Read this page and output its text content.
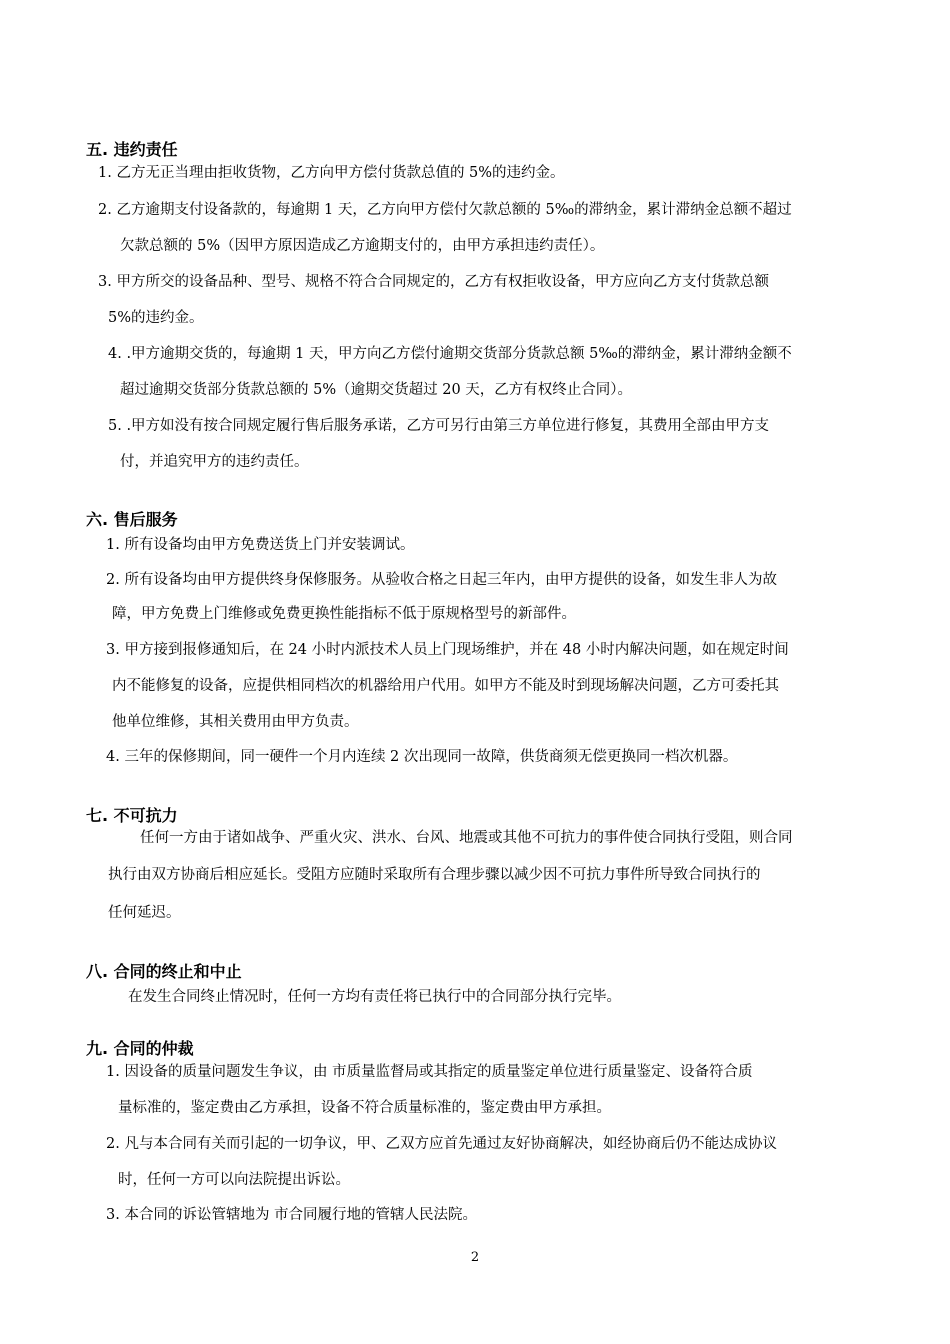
五. 违约责任
1. 乙方无正当理由拒收货物，乙方向甲方偿付货款总值的 5%的违约金。
2. 乙方逾期支付设备款的，每逾期 1 天，乙方向甲方偿付欠款总额的 5‰的滞纳金，累计滞纳金总额不超过
欠款总额的 5%（因甲方原因造成乙方逾期支付的，由甲方承担违约责任）。
3. 甲方所交的设备品种、型号、规格不符合合同规定的，乙方有权拒收设备，甲方应向乙方支付货款总额
5%的违约金。
4. .甲方逾期交货的，每逾期 1 天，甲方向乙方偿付逾期交货部分货款总额 5‰的滞纳金，累计滞纳金额不
超过逾期交货部分货款总额的 5%（逾期交货超过 20 天，乙方有权终止合同）。
5. .甲方如没有按合同规定履行售后服务承诺，乙方可另行由第三方单位进行修复，其费用全部由甲方支
付，并追究甲方的违约责任。
六. 售后服务
1. 所有设备均由甲方免费送货上门并安装调试。
2. 所有设备均由甲方提供终身保修服务。从验收合格之日起三年内，由甲方提供的设备，如发生非人为故
障，甲方免费上门维修或免费更换性能指标不低于原规格型号的新部件。
3. 甲方接到报修通知后，在 24 小时内派技术人员上门现场维护，并在 48 小时内解决问题，如在规定时间
内不能修复的设备，应提供相同档次的机器给用户代用。如甲方不能及时到现场解决问题，乙方可委托其
他单位维修，其相关费用由甲方负责。
4. 三年的保修期间，同一硬件一个月内连续 2 次出现同一故障，供货商须无偿更换同一档次机器。
七. 不可抗力
任何一方由于诸如战争、严重火灾、洪水、台风、地震或其他不可抗力的事件使合同执行受阻，则合同
执行由双方协商后相应延长。受阻方应随时采取所有合理步骤以减少因不可抗力事件所导致合同执行的
任何延迟。
八. 合同的终止和中止
在发生合同终止情况时，任何一方均有责任将已执行中的合同部分执行完毕。
九. 合同的仲裁
1. 因设备的质量问题发生争议，由 市质量监督局或其指定的质量鉴定单位进行质量鉴定、设备符合质
量标准的，鉴定费由乙方承担，设备不符合质量标准的，鉴定费由甲方承担。
2. 凡与本合同有关而引起的一切争议，甲、乙双方应首先通过友好协商解决，如经协商后仍不能达成协议
时，任何一方可以向法院提出诉讼。
3. 本合同的诉讼管辖地为 市合同履行地的管辖人民法院。
2
